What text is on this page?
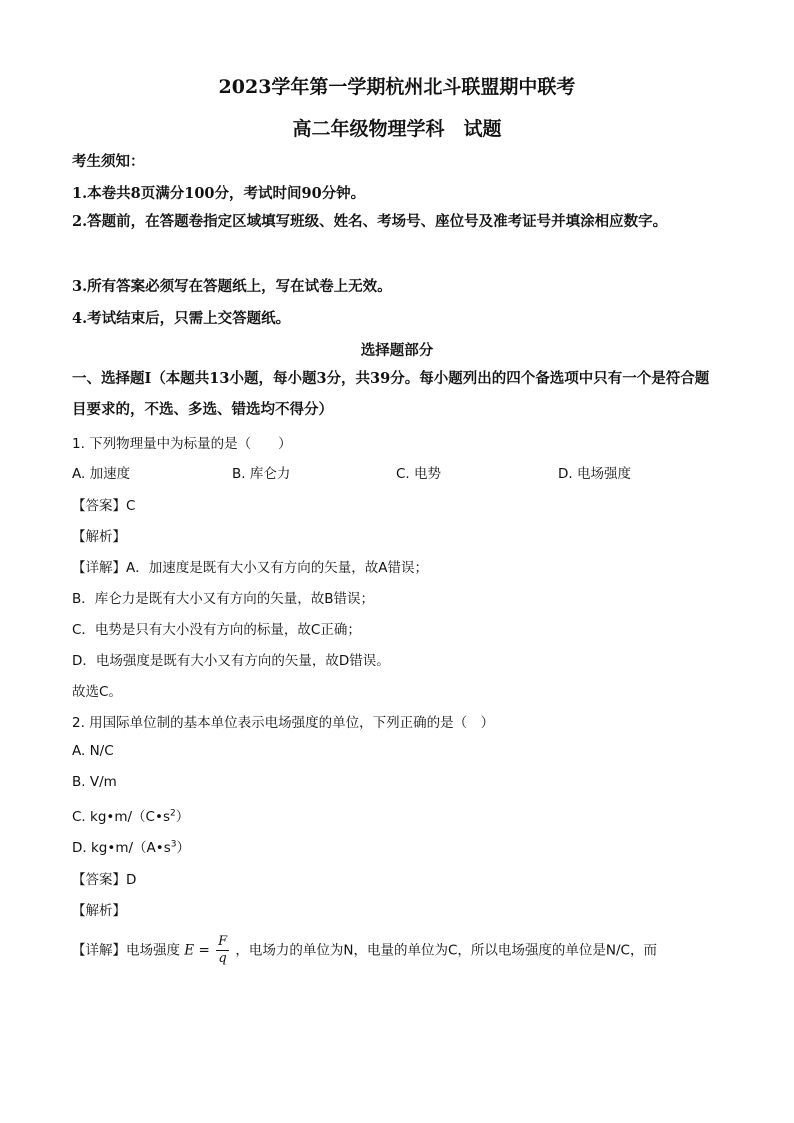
2023学年第一学期杭州北斗联盟期中联考
高二年级物理学科　试题
考生须知：
1.本卷共8页满分100分，考试时间90分钟。
2.答题前，在答题卷指定区域填写班级、姓名、考场号、座位号及准考证号并填涂相应数字。
3.所有答案必须写在答题纸上，写在试卷上无效。
4.考试结束后，只需上交答题纸。
选择题部分
一、选择题Ⅰ（本题共13小题，每小题3分，共39分。每小题列出的四个备选项中只有一个是符合题目要求的，不选、多选、错选均不得分）
1. 下列物理量中为标量的是（　　）
A. 加速度	B. 库仑力	C. 电势	D. 电场强度
【答案】C
【解析】
【详解】A．加速度是既有大小又有方向的矢量，故A错误；
B．库仑力是既有大小又有方向的矢量，故B错误；
C．电势是只有大小没有方向的标量，故C正确；
D．电场强度是既有大小又有方向的矢量，故D错误。
故选C。
2. 用国际单位制的基本单位表示电场强度的单位，下列正确的是（　）
A. N/C
B. V/m
C. $kg•m/(C•s^2)$
D. $kg•m/(A•s^3)$
【答案】D
【解析】
【详解】电场强度 $E = \frac{F}{q}$ ，电场力的单位为N，电量的单位为C，所以电场强度的单位是N/C，而
